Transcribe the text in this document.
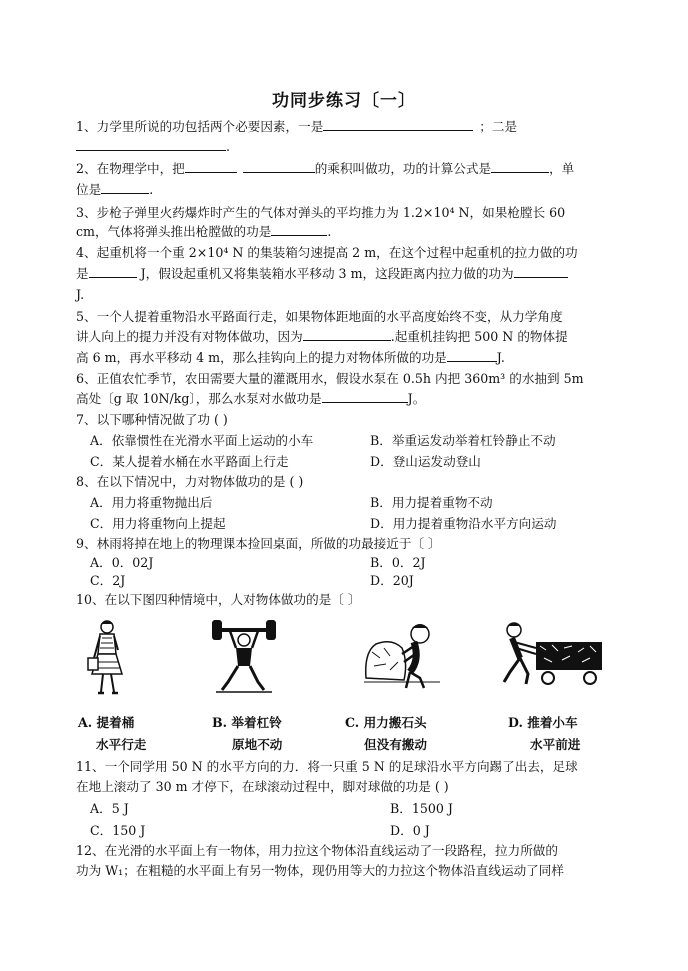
功同步练习〔一〕
1、力学里所说的功包括两个必要因素，一是	；二是
.
2、在物理学中，把	的乘积叫做功，功的计算公式是	，单
位是	.
3、步枪子弹里火药爆炸时产生的气体对弹头的平均推力为 1.2×10⁴ N，如果枪膛长 60
cm，气体将弹头推出枪膛做的功是	.
4、起重机将一个重 2×10⁴ N 的集装箱匀速提高 2 m，在这个过程中起重机的拉力做的功
是	J，假设起重机又将集装箱水平移动 3 m，这段距离内拉力做的功为
J.
5、一个人提着重物沿水平路面行走，如果物体距地面的水平高度始终不变，从力学角度
讲人向上的提力并没有对物体做功，因为	.起重机挂钩把 500 N 的物体提
高 6 m，再水平移动 4 m，那么挂钩向上的提力对物体所做的功是	J.
6、正值农忙季节，农田需要大量的灌溉用水，假设水泵在 0.5h 内把 360m³ 的水抽到 5m
高处〔g 取 10N/kg〕，那么水泵对水做功是	J。
7、以下哪种情况做了功 ( )
A．依靠惯性在光滑水平面上运动的小车	B．举重运发动举着杠铃静止不动
C．某人提着水桶在水平路面上行走	D．登山运发动登山
8、在以下情况中，力对物体做功的是 ( )
A．用力将重物抛出后	B．用力提着重物不动
C．用力将重物向上提起	D．用力提着重物沿水平方向运动
9、林雨将掉在地上的物理课本捡回桌面，所做的功最接近于〔 〕
A．0．02J	B．0．2J
C．2J	D．20J
10、在以下图四种情境中，人对物体做功的是〔 〕
A. 提着桶
水平行走
B. 举着杠铃
原地不动
C. 用力搬石头
但没有搬动
D. 推着小车
水平前进
11、一个同学用 50 N 的水平方向的力．将一只重 5 N 的足球沿水平方向踢了出去，足球
在地上滚动了 30 m 才停下，在球滚动过程中，脚对球做的功是 ( )
A．5 J	B．1500 J
C．150 J	D．0 J
12、在光滑的水平面上有一物体，用力拉这个物体沿直线运动了一段路程，拉力所做的
功为 W₁；在粗糙的水平面上有另一物体，现仍用等大的力拉这个物体沿直线运动了同样
